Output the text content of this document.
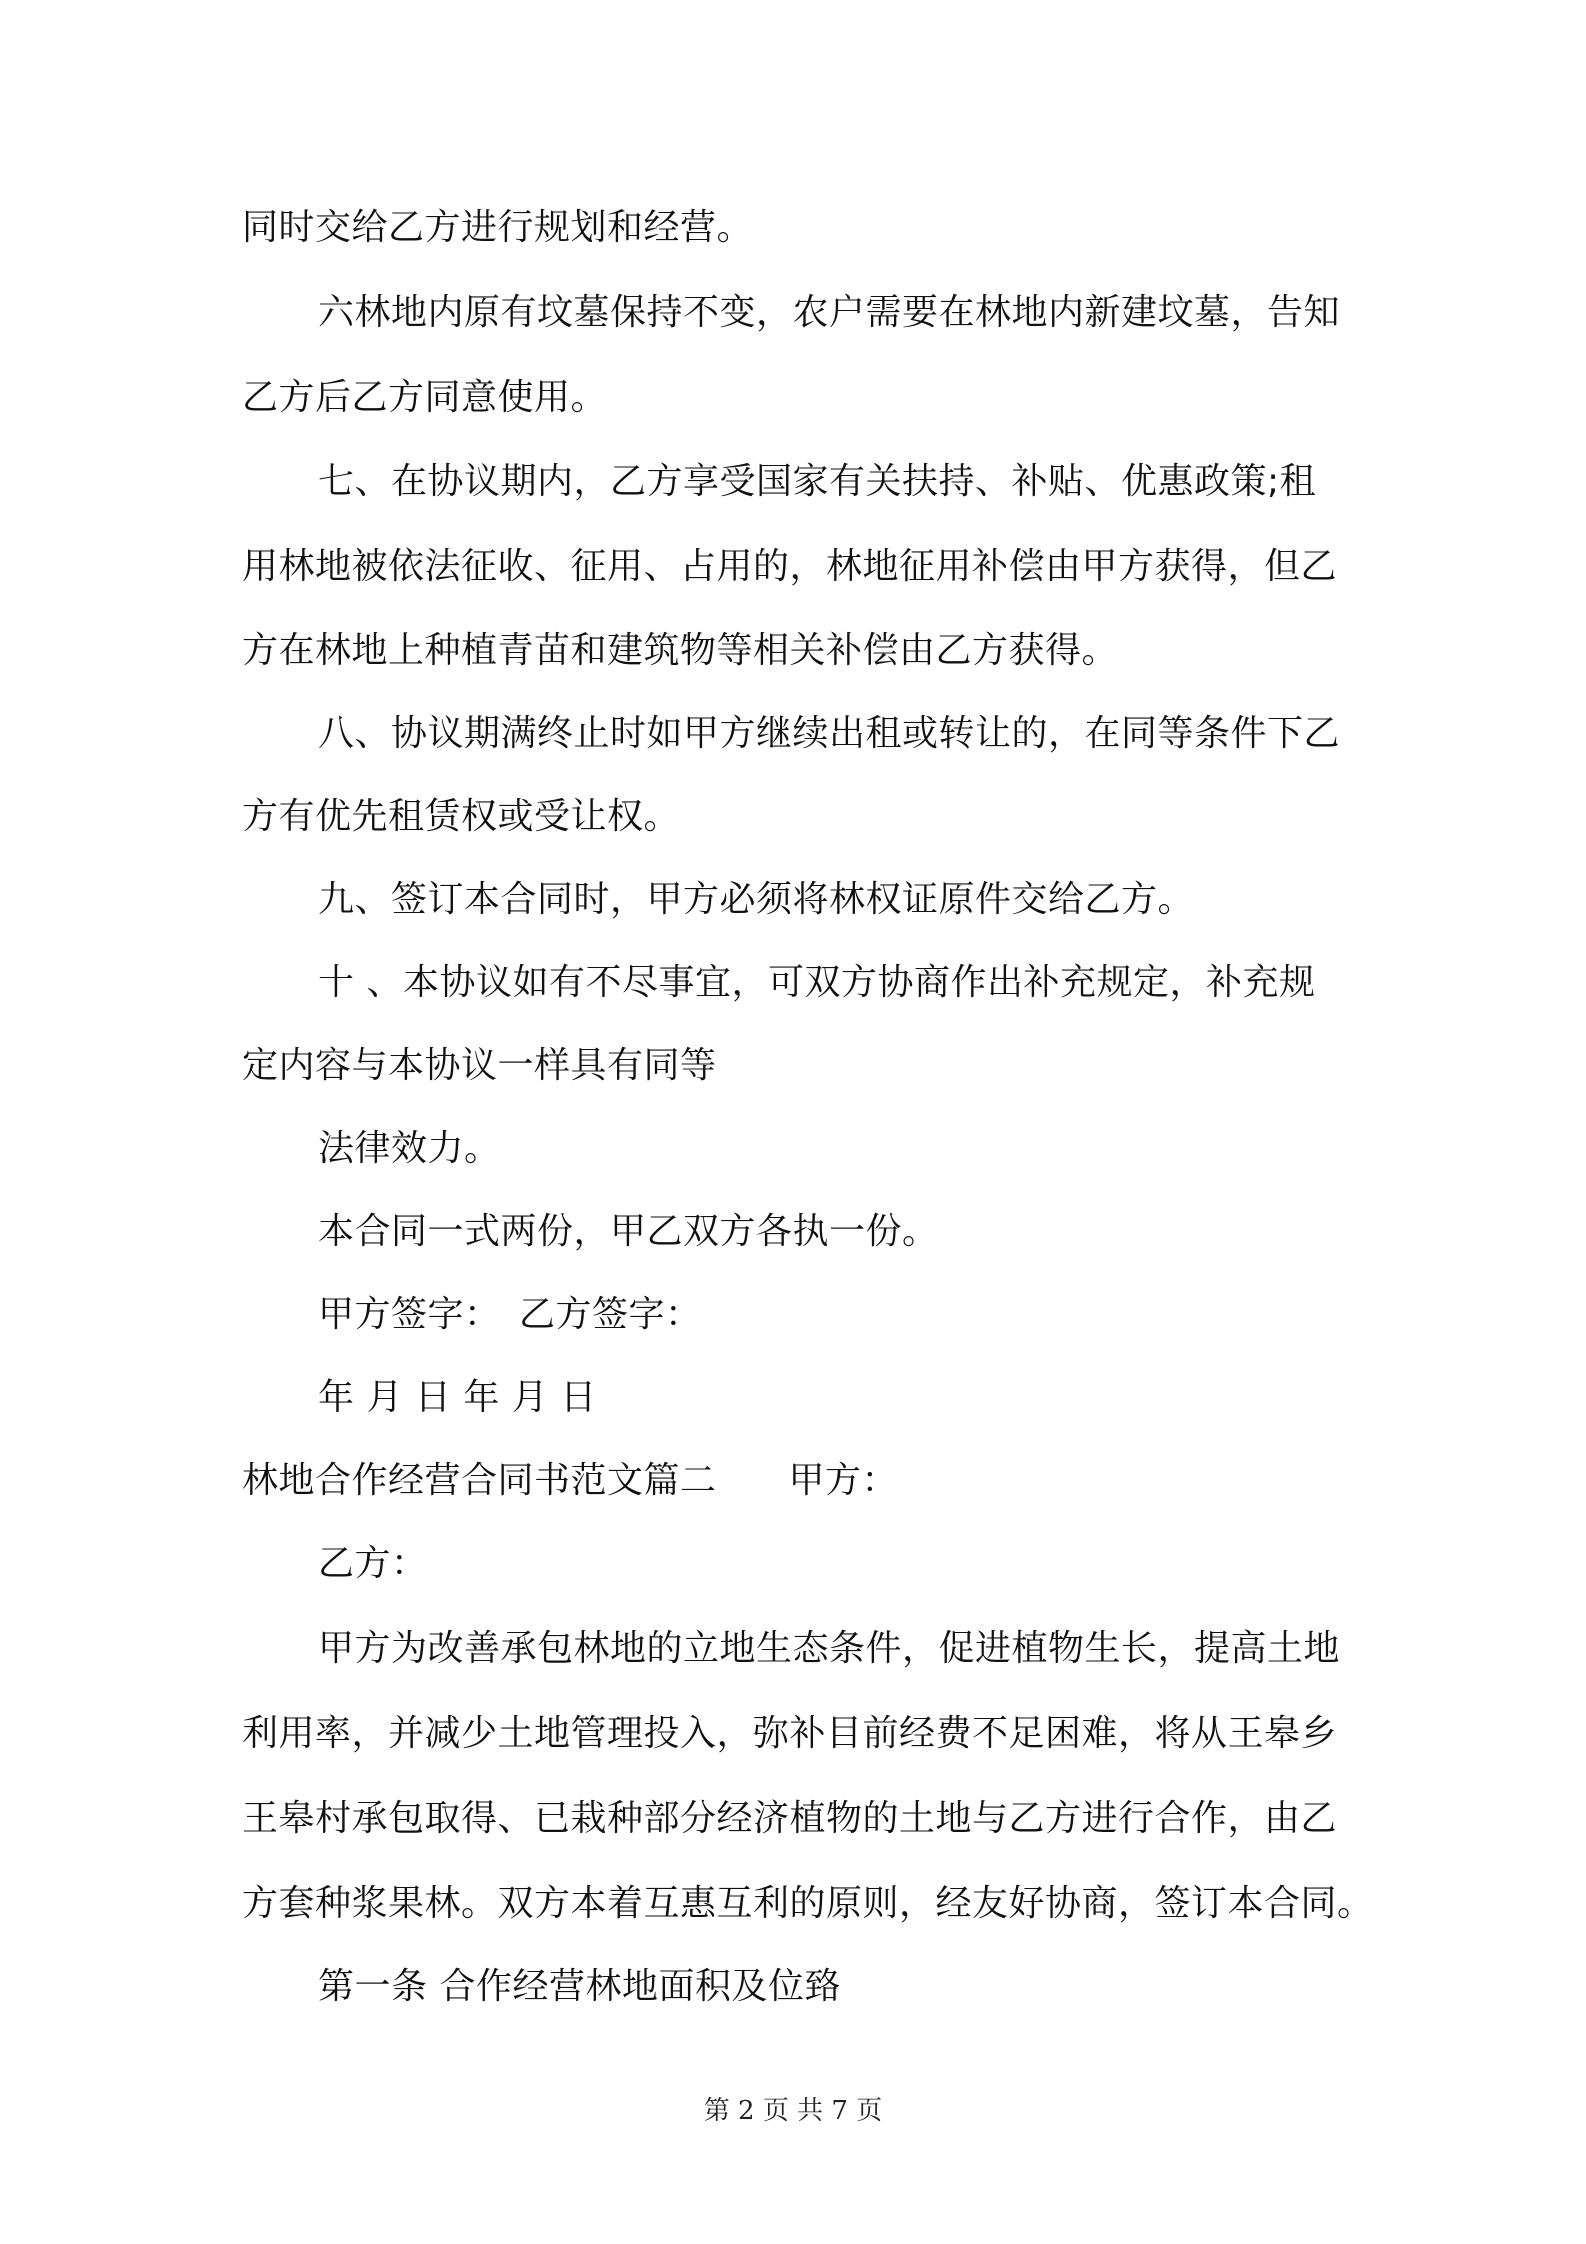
同时交给乙方进行规划和经营。
六林地内原有坟墓保持不变，农户需要在林地内新建坟墓，告知
乙方后乙方同意使用。
七、在协议期内，乙方享受国家有关扶持、补贴、优惠政策;租
用林地被依法征收、征用、占用的，林地征用补偿由甲方获得，但乙
方在林地上种植青苗和建筑物等相关补偿由乙方获得。
八、协议期满终止时如甲方继续出租或转让的，在同等条件下乙
方有优先租赁权或受让权。
九、签订本合同时，甲方必须将林权证原件交给乙方。
十 、本协议如有不尽事宜，可双方协商作出补充规定，补充规
定内容与本协议一样具有同等
法律效力。
本合同一式两份，甲乙双方各执一份。
甲方签字：　乙方签字：
年 月 日 年 月 日
林地合作经营合同书范文篇二 甲方：
乙方：
甲方为改善承包林地的立地生态条件，促进植物生长，提高土地
利用率，并减少土地管理投入，弥补目前经费不足困难，将从王皋乡
王皋村承包取得、已栽种部分经济植物的土地与乙方进行合作，由乙
方套种浆果林。双方本着互惠互利的原则，经友好协商，签订本合同。
第一条 合作经营林地面积及位臵
第 2 页 共 7 页
